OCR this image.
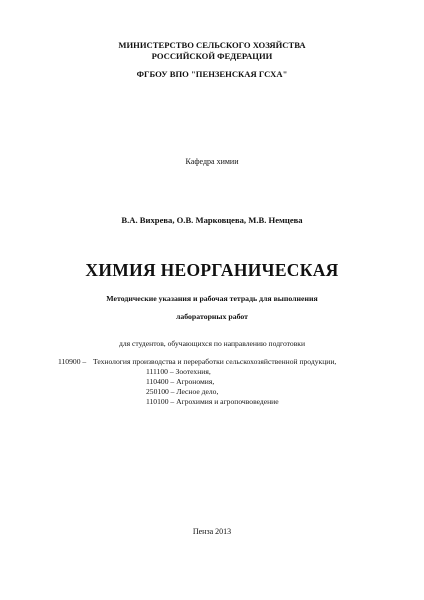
МИНИСТЕРСТВО СЕЛЬСКОГО ХОЗЯЙСТВА
РОССИЙСКОЙ ФЕДЕРАЦИИ
ФГБОУ ВПО "ПЕНЗЕНСКАЯ ГСХА"
Кафедра химии
В.А. Вихрева, О.В. Марковцева, М.В. Немцева
ХИМИЯ НЕОРГАНИЧЕСКАЯ
Методические указания и рабочая тетрадь для выполнения
лабораторных работ
для студентов, обучающихся по направлению подготовки
110900 – Технология производства и переработки сельскохозяйственной продукции,
111100 – Зоотехния,
110400 – Агрономия,
250100 – Лесное дело,
110100 – Агрохимия и агропочвоведение
Пенза 2013
